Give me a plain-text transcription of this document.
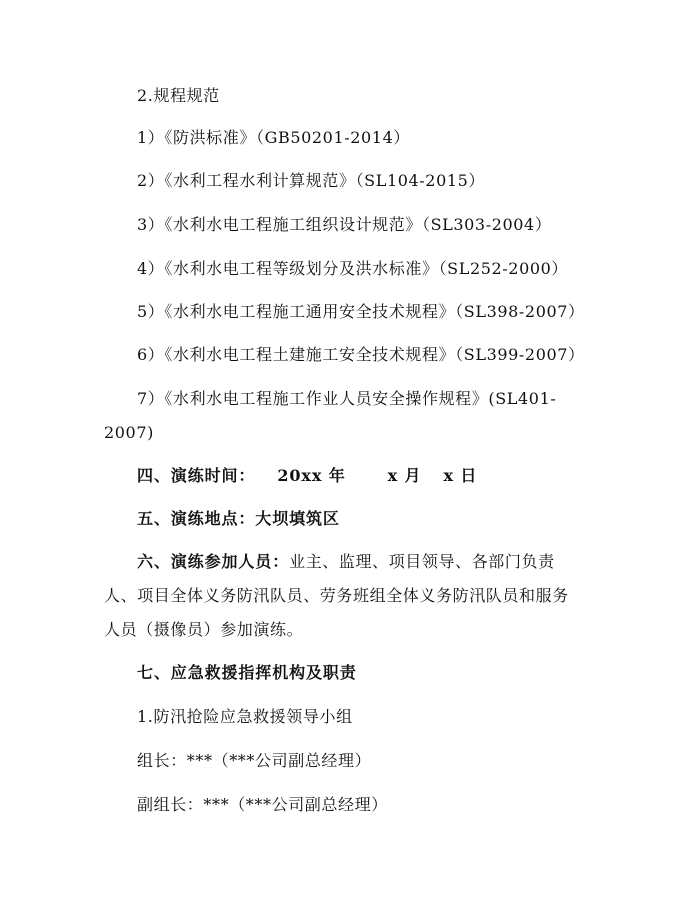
2.规程规范
1）《防洪标准》（GB50201-2014）
2）《水利工程水利计算规范》（SL104-2015）
3）《水利水电工程施工组织设计规范》（SL303-2004）
4）《水利水电工程等级划分及洪水标准》（SL252-2000）
5）《水利水电工程施工通用安全技术规程》（SL398-2007）
6）《水利水电工程土建施工安全技术规程》（SL399-2007）
7）《水利水电工程施工作业人员安全操作规程》(SL401-
2007)
四、演练时间： 20xx 年	x 月 x 日
五、演练地点：大坝填筑区
六、演练参加人员：业主、监理、项目领导、各部门负责
人、项目全体义务防汛队员、劳务班组全体义务防汛队员和服务
人员（摄像员）参加演练。
七、应急救援指挥机构及职责
1.防汛抢险应急救援领导小组
组长：***（***公司副总经理）
副组长：***（***公司副总经理）
